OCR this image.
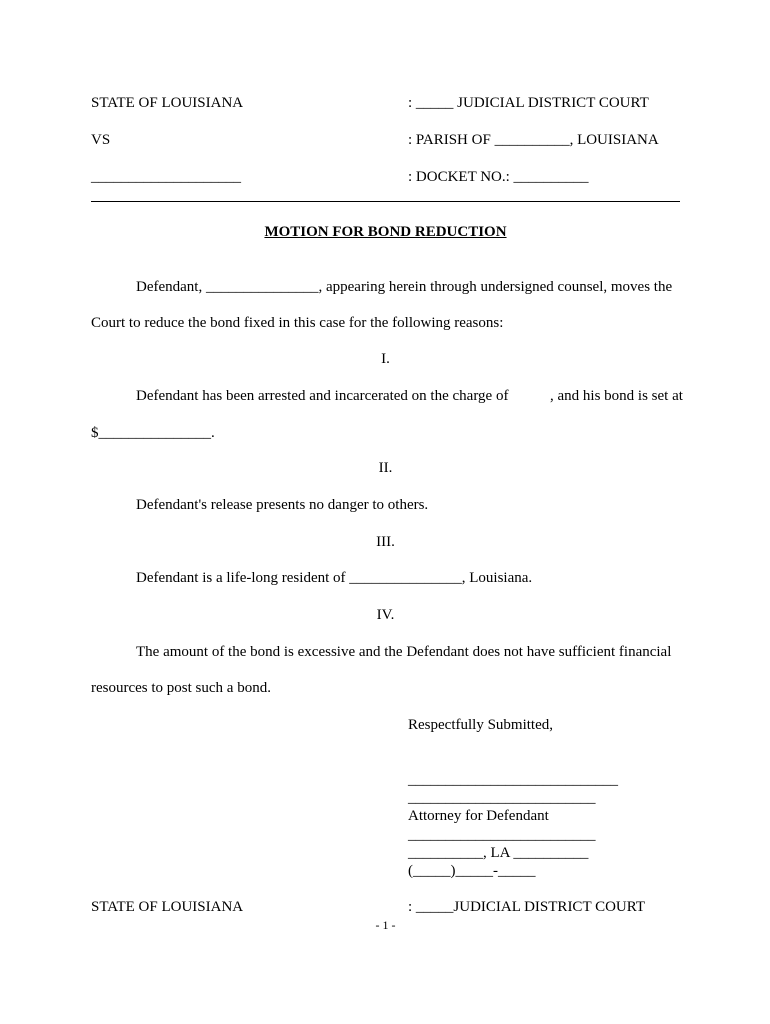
STATE OF LOUISIANA	: _____ JUDICIAL DISTRICT COURT
VS	: PARISH OF __________, LOUISIANA
____________________	: DOCKET NO.: __________
MOTION FOR BOND REDUCTION
Defendant, _______________, appearing herein through undersigned counsel, moves the
Court to reduce the bond fixed in this case for the following reasons:
I.
Defendant has been arrested and incarcerated on the charge of	, and his bond is set at
$_______________.
II.
Defendant's release presents no danger to others.
III.
Defendant is a life-long resident of _______________, Louisiana.
IV.
The amount of the bond is excessive and the Defendant does not have sufficient financial
resources to post such a bond.
Respectfully Submitted,
____________________________
_________________________
Attorney for Defendant
_________________________
__________, LA __________
(_____)_____-_____
STATE OF LOUISIANA	: _____JUDICIAL DISTRICT COURT
- 1 -
